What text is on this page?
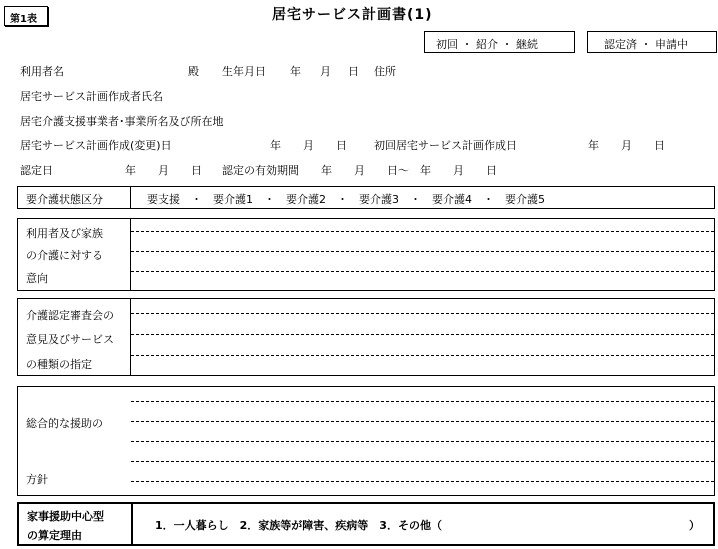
第1表	居宅サービス計画書(1)
初回 ・ 紹介 ・ 継続	認定済 ・ 申請中
利用者名	殿 生年月日 年 月 日 住所
居宅サービス計画作成者氏名
居宅介護支援事業者･事業所名及び所在地
居宅サービス計画作成(変更)日	年　　月　　日 初回居宅サービス計画作成日	年　　月　　日
認定日	年　　月　　日 認定の有効期間　　年　　月　　日～　年　　月　　日
要介護状態区分	要支援　・　要介護1　・　要介護2　・　要介護3　・　要介護4　・　要介護5
利用者及び家族
の介護に対する
意向
介護認定審査会の
意見及びサービス
の種類の指定
総合的な援助の
方針
家事援助中心型
の算定理由
1．一人暮らし　2．家族等が障害、疾病等　3．その他（	）
